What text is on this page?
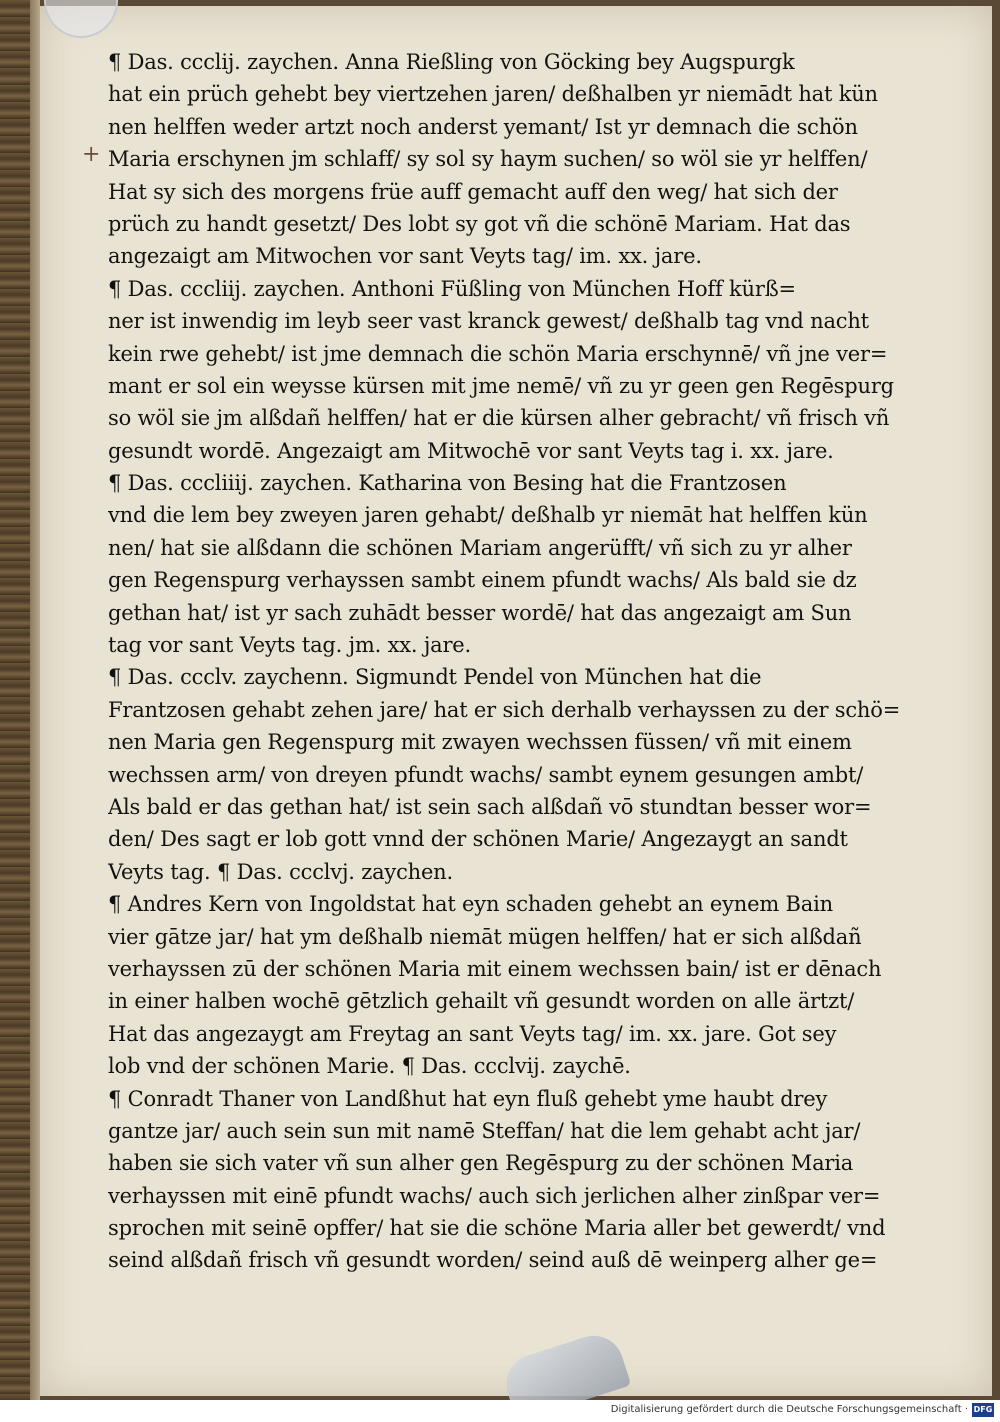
+
¶ Das. ccclij. zaychen. Anna Rießling von Göcking bey Augspurgk
hat ein prüch gehebt bey viertzehen jaren/ deßhalben yr niemādt hat kün
nen helffen weder artzt noch anderst yemant/ Ist yr demnach die schön
Maria erschynen jm schlaff/ sy sol sy haym suchen/ so wöl sie yr helffen/
Hat sy sich des morgens früe auff gemacht auff den weg/ hat sich der
prüch zu handt gesetzt/ Des lobt sy got vñ die schönē Mariam. Hat das
angezaigt am Mitwochen vor sant Veyts tag/ im. xx. jare.
¶ Das. cccliij. zaychen. Anthoni Füßling von München Hoff kürß=
ner ist inwendig im leyb seer vast kranck gewest/ deßhalb tag vnd nacht
kein rwe gehebt/ ist jme demnach die schön Maria erschynnē/ vñ jne ver=
mant er sol ein weysse kürsen mit jme nemē/ vñ zu yr geen gen Regēspurg
so wöl sie jm alßdañ helffen/ hat er die kürsen alher gebracht/ vñ frisch vñ
gesundt wordē. Angezaigt am Mitwochē vor sant Veyts tag i. xx. jare.
¶ Das. cccliiij. zaychen. Katharina von Besing hat die Frantzosen
vnd die lem bey zweyen jaren gehabt/ deßhalb yr niemāt hat helffen kün
nen/ hat sie alßdann die schönen Mariam angerüfft/ vñ sich zu yr alher
gen Regenspurg verhayssen sambt einem pfundt wachs/ Als bald sie dz
gethan hat/ ist yr sach zuhādt besser wordē/ hat das angezaigt am Sun
tag vor sant Veyts tag. jm. xx. jare.
¶ Das. ccclv. zaychenn. Sigmundt Pendel von München hat die
Frantzosen gehabt zehen jare/ hat er sich derhalb verhayssen zu der schö=
nen Maria gen Regenspurg mit zwayen wechssen füssen/ vñ mit einem
wechssen arm/ von dreyen pfundt wachs/ sambt eynem gesungen ambt/
Als bald er das gethan hat/ ist sein sach alßdañ vō stundtan besser wor=
den/ Des sagt er lob gott vnnd der schönen Marie/ Angezaygt an sandt
Veyts tag. ¶ Das. ccclvj. zaychen.
¶ Andres Kern von Ingoldstat hat eyn schaden gehebt an eynem Bain
vier gātze jar/ hat ym deßhalb niemāt mügen helffen/ hat er sich alßdañ
verhayssen zū der schönen Maria mit einem wechssen bain/ ist er dēnach
in einer halben wochē gētzlich gehailt vñ gesundt worden on alle ärtzt/
Hat das angezaygt am Freytag an sant Veyts tag/ im. xx. jare. Got sey
lob vnd der schönen Marie. ¶ Das. ccclvij. zaychē.
¶ Conradt Thaner von Landßhut hat eyn fluß gehebt yme haubt drey
gantze jar/ auch sein sun mit namē Steffan/ hat die lem gehabt acht jar/
haben sie sich vater vñ sun alher gen Regēspurg zu der schönen Maria
verhayssen mit einē pfundt wachs/ auch sich jerlichen alher zinßpar ver=
sprochen mit seinē opffer/ hat sie die schöne Maria aller bet gewerdt/ vnd
seind alßdañ frisch vñ gesundt worden/ seind auß dē weinperg alher ge=
Digitalisierung gefördert durch die Deutsche Forschungsgemeinschaft · DFG
